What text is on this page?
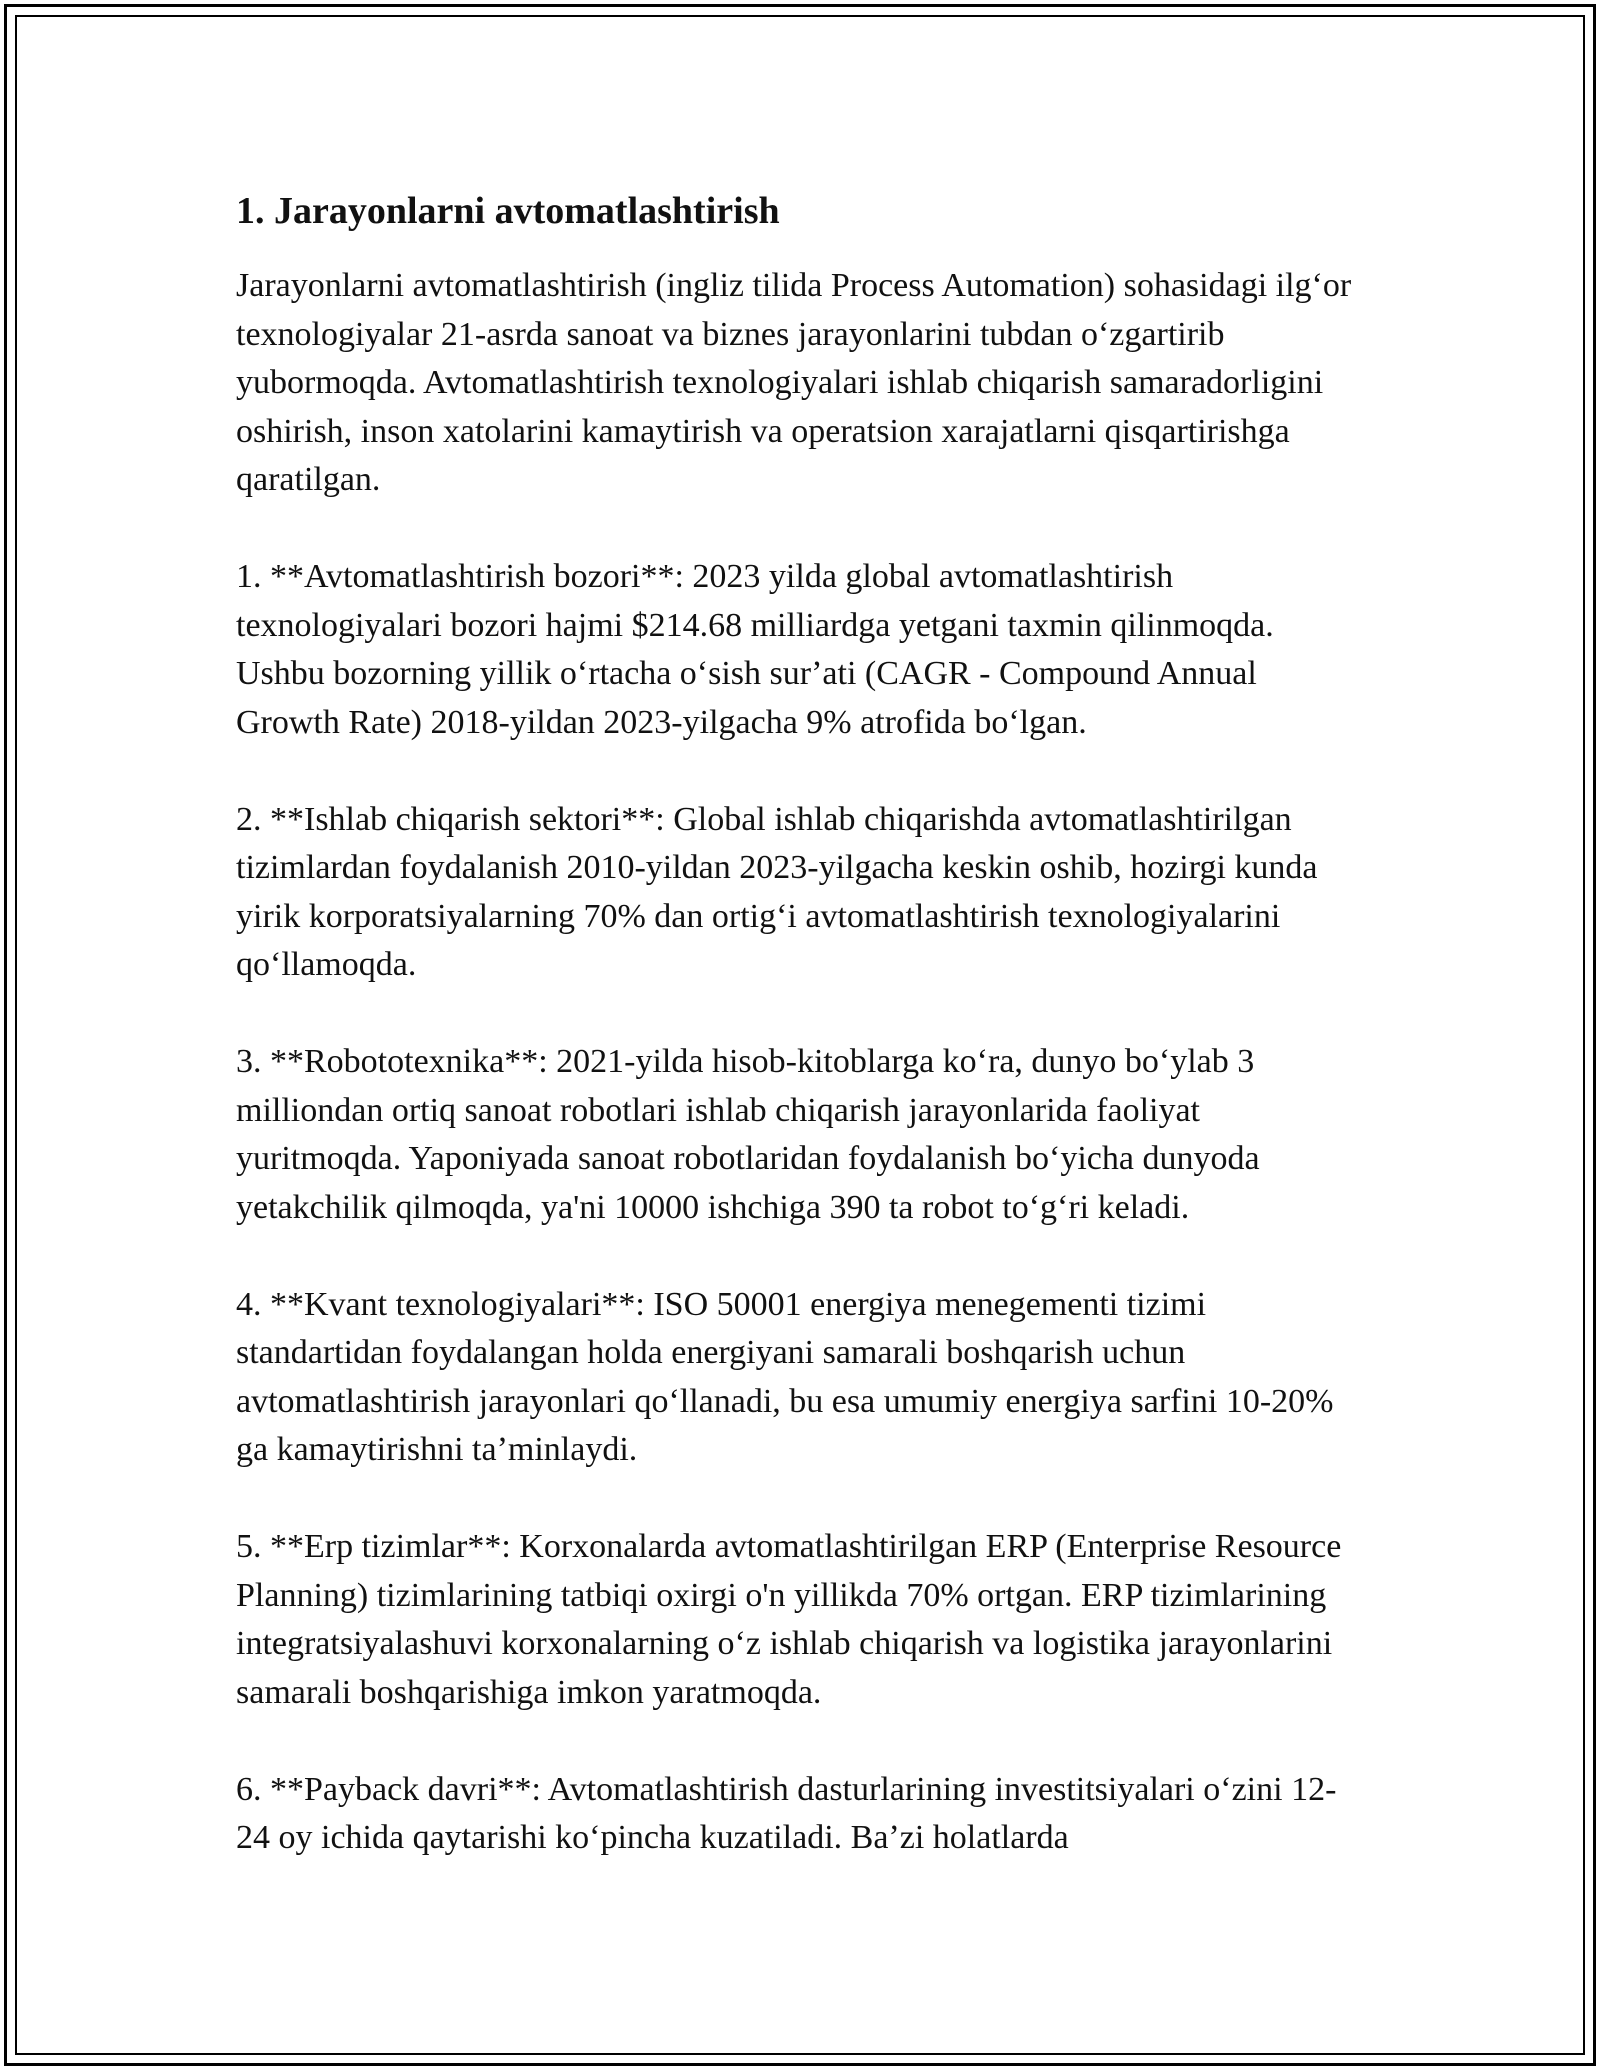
1. Jarayonlarni avtomatlashtirish

Jarayonlarni avtomatlashtirish (ingliz tilida Process Automation) sohasidagi ilgʻor texnologiyalar 21-asrda sanoat va biznes jarayonlarini tubdan oʻzgartirib yubormoqda. Avtomatlashtirish texnologiyalari ishlab chiqarish samaradorligini oshirish, inson xatolarini kamaytirish va operatsion xarajatlarni qisqartirishga qaratilgan.

1. **Avtomatlashtirish bozori**: 2023 yilda global avtomatlashtirish texnologiyalari bozori hajmi $214.68 milliardga yetgani taxmin qilinmoqda. Ushbu bozorning yillik oʻrtacha oʻsish surʼati (CAGR - Compound Annual Growth Rate) 2018-yildan 2023-yilgacha 9% atrofida boʻlgan.

2. **Ishlab chiqarish sektori**: Global ishlab chiqarishda avtomatlashtirilgan tizimlardan foydalanish 2010-yildan 2023-yilgacha keskin oshib, hozirgi kunda yirik korporatsiyalarning 70% dan ortigʻi avtomatlashtirish texnologiyalarini qoʻllamoqda.

3. **Robototexnika**: 2021-yilda hisob-kitoblarga koʻra, dunyo boʻylab 3 milliondan ortiq sanoat robotlari ishlab chiqarish jarayonlarida faoliyat yuritmoqda. Yaponiyada sanoat robotlaridan foydalanish boʻyicha dunyoda yetakchilik qilmoqda, ya'ni 10000 ishchiga 390 ta robot toʻgʻri keladi.

4. **Kvant texnologiyalari**: ISO 50001 energiya menegementi tizimi standartidan foydalangan holda energiyani samarali boshqarish uchun avtomatlashtirish jarayonlari qoʻllanadi, bu esa umumiy energiya sarfini 10-20% ga kamaytirishni taʼminlaydi.

5. **Erp tizimlar**: Korxonalarda avtomatlashtirilgan ERP (Enterprise Resource Planning) tizimlarining tatbiqi oxirgi o'n yillikda 70% ortgan. ERP tizimlarining integratsiyalashuvi korxonalarning oʻz ishlab chiqarish va logistika jarayonlarini samarali boshqarishiga imkon yaratmoqda.

6. **Payback davri**: Avtomatlashtirish dasturlarining investitsiyalari oʻzini 12-24 oy ichida qaytarishi koʻpincha kuzatiladi. Baʼzi holatlarda
